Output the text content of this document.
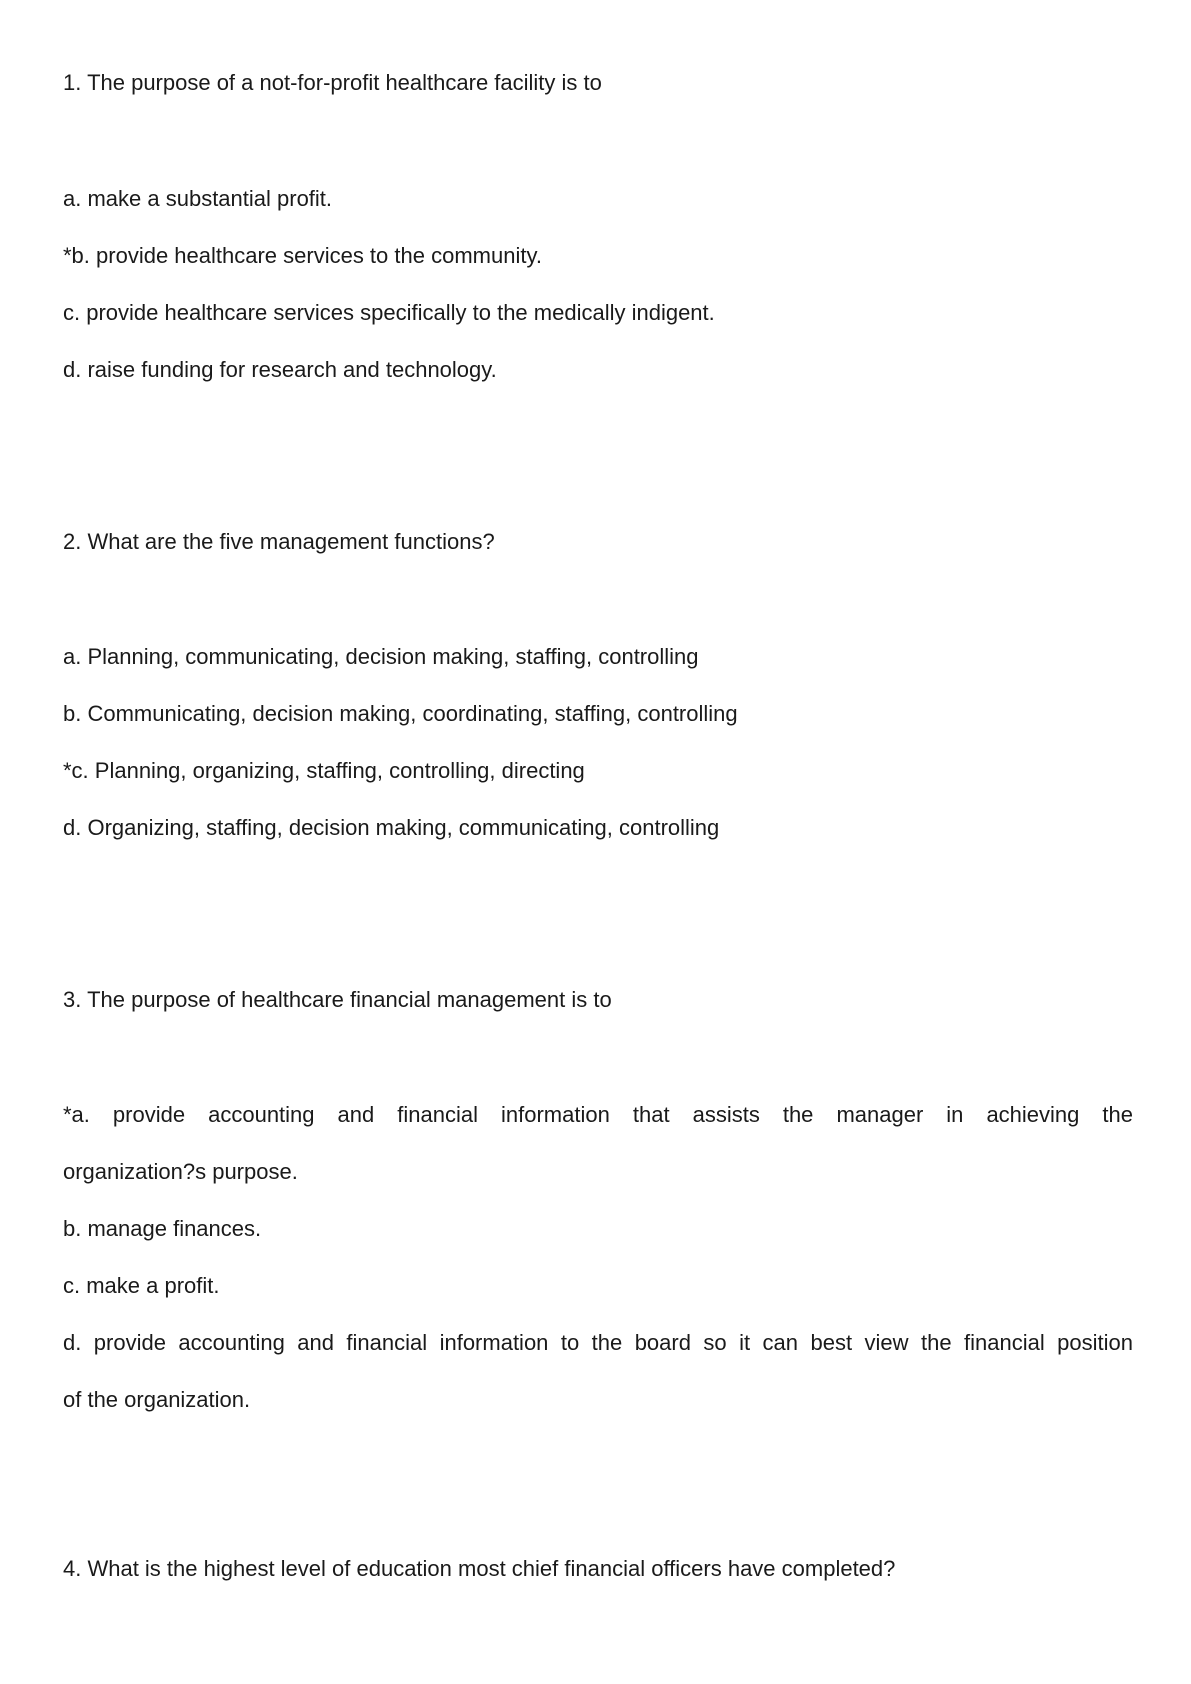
1. The purpose of a not-for-profit healthcare facility is to
a. make a substantial profit.
*b. provide healthcare services to the community.
c. provide healthcare services specifically to the medically indigent.
d. raise funding for research and technology.
2. What are the five management functions?
a. Planning, communicating, decision making, staffing, controlling
b. Communicating, decision making, coordinating, staffing, controlling
*c. Planning, organizing, staffing, controlling, directing
d. Organizing, staffing, decision making, communicating, controlling
3. The purpose of healthcare financial management is to
*a. provide accounting and financial information that assists the manager in achieving the
organization?s purpose.
b. manage finances.
c. make a profit.
d. provide accounting and financial information to the board so it can best view the financial position
of the organization.
4. What is the highest level of education most chief financial officers have completed?
